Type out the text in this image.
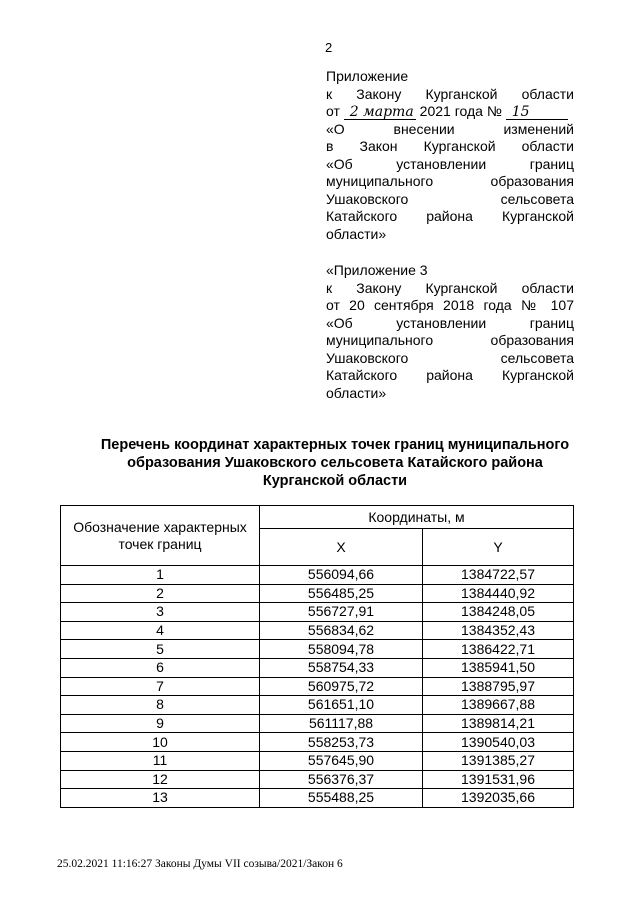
2
Приложение
к Закону Курганской области
от 2 марта 2021 года № 15
«О внесении изменений
в Закон Курганской области
«Об установлении границ
муниципального образования
Ушаковского сельсовета
Катайского района Курганской
области»
«Приложение 3
к Закону Курганской области
от 20 сентября 2018 года № 107
«Об установлении границ
муниципального образования
Ушаковского сельсовета
Катайского района Курганской
области»
Перечень координат характерных точек границ муниципального
образования Ушаковского сельсовета Катайского района
Курганской области
Обозначение характерных точек границ	Координаты, м	
	X	Y
1	556094,66	1384722,57
2	556485,25	1384440,92
3	556727,91	1384248,05
4	556834,62	1384352,43
5	558094,78	1386422,71
6	558754,33	1385941,50
7	560975,72	1388795,97
8	561651,10	1389667,88
9	561117,88	1389814,21
10	558253,73	1390540,03
11	557645,90	1391385,27
12	556376,37	1391531,96
13	555488,25	1392035,66
25.02.2021 11:16:27 Законы Думы VII созыва/2021/Закон 6
